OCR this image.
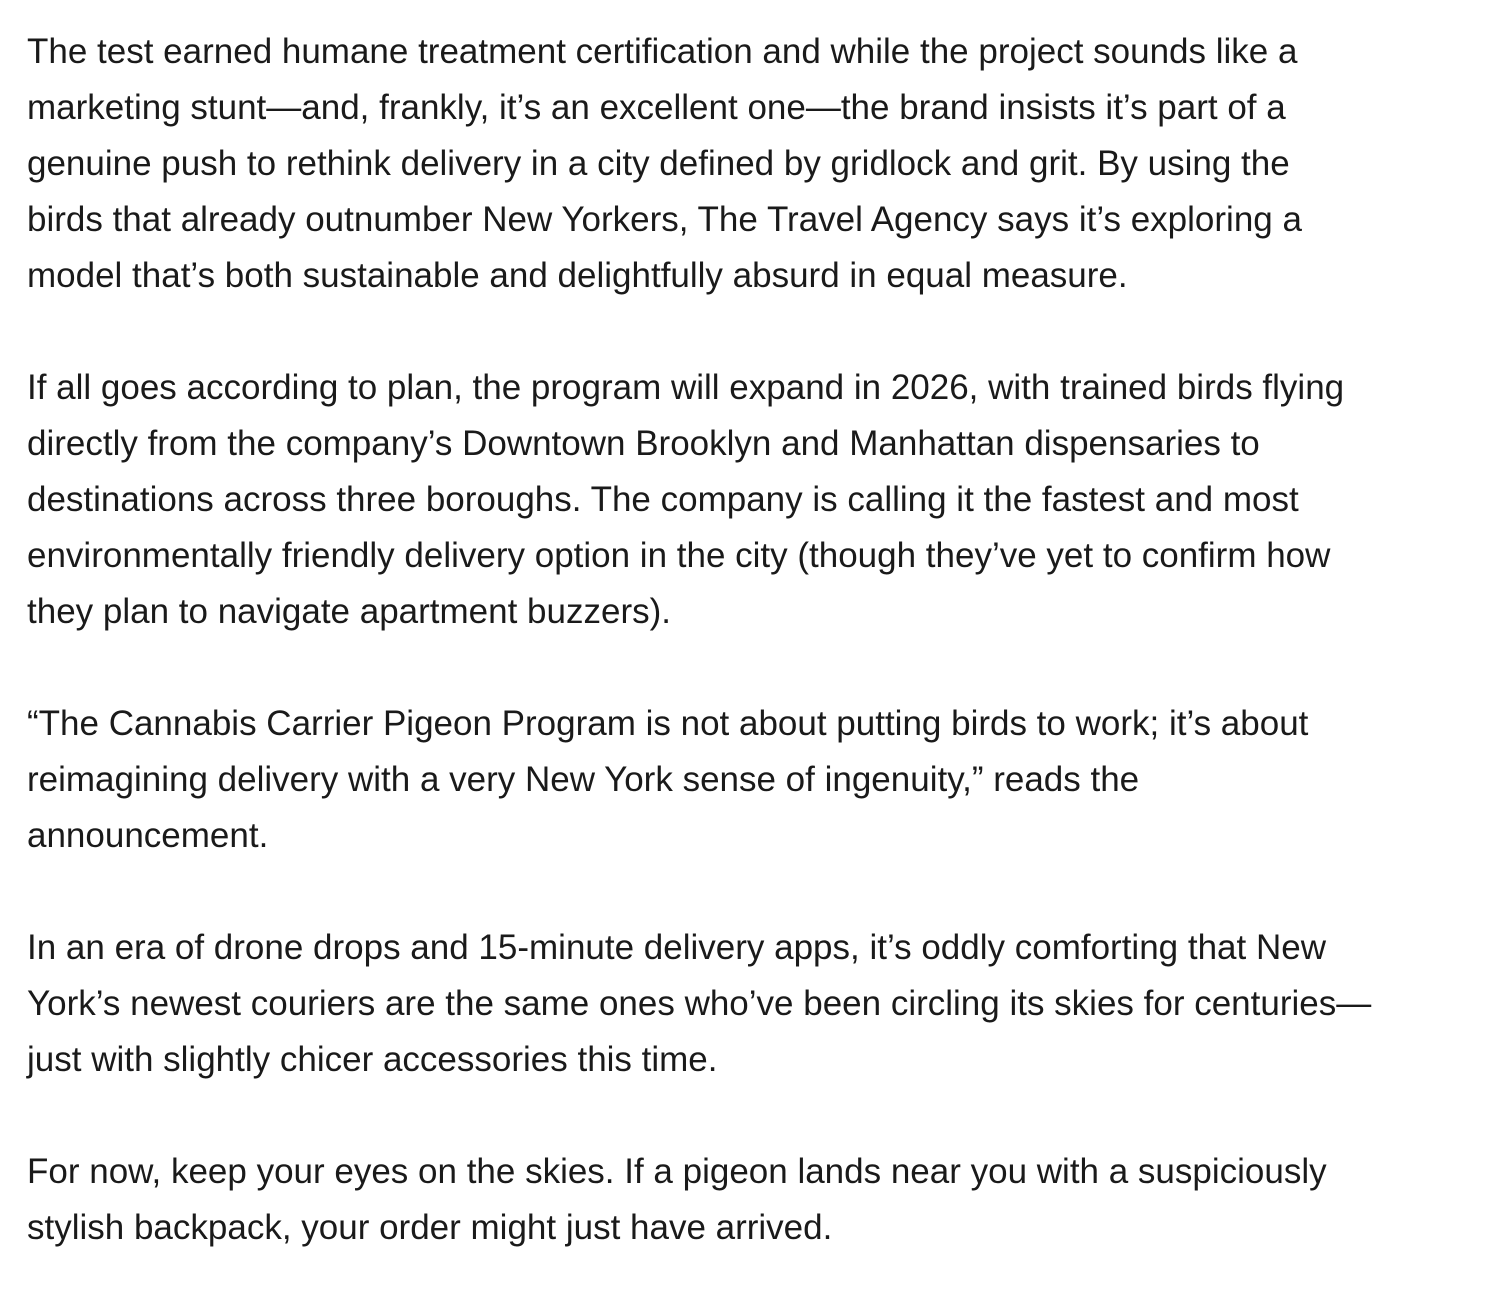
The test earned humane treatment certification and while the project sounds like a
marketing stunt—and, frankly, it’s an excellent one—the brand insists it’s part of a
genuine push to rethink delivery in a city defined by gridlock and grit. By using the
birds that already outnumber New Yorkers, The Travel Agency says it’s exploring a
model that’s both sustainable and delightfully absurd in equal measure.

If all goes according to plan, the program will expand in 2026, with trained birds flying
directly from the company’s Downtown Brooklyn and Manhattan dispensaries to
destinations across three boroughs. The company is calling it the fastest and most
environmentally friendly delivery option in the city (though they’ve yet to confirm how
they plan to navigate apartment buzzers).

“The Cannabis Carrier Pigeon Program is not about putting birds to work; it’s about
reimagining delivery with a very New York sense of ingenuity,” reads the
announcement.

In an era of drone drops and 15-minute delivery apps, it’s oddly comforting that New
York’s newest couriers are the same ones who’ve been circling its skies for centuries—
just with slightly chicer accessories this time.

For now, keep your eyes on the skies. If a pigeon lands near you with a suspiciously
stylish backpack, your order might just have arrived.
